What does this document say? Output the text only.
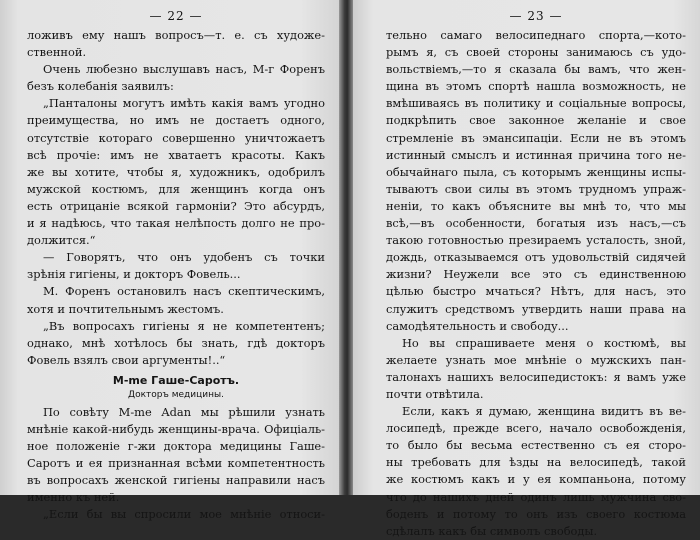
— 22 —
ложивъ ему нашъ вопросъ—т. е. съ художе-
ственной.
Очень любезно выслушавъ насъ, М-г Форенъ
безъ колебанія заявилъ:
„Панталоны могутъ имѣть какія вамъ угодно
преимущества, но имъ не достаетъ одного,
отсутствіе котораго совершенно уничтожаетъ
всѣ прочіе: имъ не хватаетъ красоты. Какъ
же вы хотите, чтобы я, художникъ, одобрилъ
мужской костюмъ, для женщинъ когда онъ
есть отрицаніе всякой гармоніи? Это абсурдъ,
и я надѣюсь, что такая нелѣпость долго не про-
должится.“
— Говорятъ, что онъ удобенъ съ точки
зрѣнія гигіены, и докторъ Фовель...
М. Форенъ остановилъ насъ скептическимъ,
хотя и почтительнымъ жестомъ.
„Въ вопросахъ гигіены я не компетентенъ;
однако, мнѣ хотѣлось бы знать, гдѣ докторъ
Фовель взялъ свои аргументы!..“
М-me Гаше-Саротъ.
Докторъ медицины.
По совѣту М-me Adan мы рѣшили узнать
мнѣніе какой-нибудь женщины-врача. Офиціаль-
ное положеніе г-жи доктора медицины Гаше-
Саротъ и ея признанная всѣми компетентность
въ вопросахъ женской гигіены направили насъ
именно къ ней.
„Если бы вы спросили мое мнѣніе относи-
— 23 —
тельно самаго велосипеднаго спорта,—кото-
рымъ я, съ своей стороны занимаюсь съ удо-
вольствіемъ,—то я сказала бы вамъ, что жен-
щина въ этомъ спортѣ нашла возможность, не
вмѣшиваясь въ политику и соціальные вопросы,
подкрѣпить свое законное желаніе и свое
стремленіе въ эмансипаціи. Если не въ этомъ
истинный смыслъ и истинная причина того не-
обычайнаго пыла, съ которымъ женщины испы-
тываютъ свои силы въ этомъ трудномъ упраж-
неніи, то какъ объясните вы мнѣ то, что мы
всѣ,—въ особенности, богатыя изъ насъ,—съ
такою готовностью презираемъ усталость, зной,
дождь, отказываемся отъ удовольствій сидячей
жизни? Неужели все это съ единственною
цѣлью быстро мчаться? Нѣтъ, для насъ, это
служитъ средствомъ утвердить наши права на
самодѣятельность и свободу...
Но вы спрашиваете меня о костюмѣ, вы
желаете узнать мое мнѣніе о мужскихъ пан-
талонахъ нашихъ велосипедистокъ: я вамъ уже
почти отвѣтила.
Если, какъ я думаю, женщина видитъ въ ве-
лосипедѣ, прежде всего, начало освобожденія,
то было бы весьма естественно съ ея сторо-
ны требовать для ѣзды на велосипедѣ, такой
же костюмъ какъ и у ея компаньона, потому
что до нашихъ дней одинъ лишь мужчина сво-
боденъ и потому то онъ изъ своего костюма
сдѣлалъ какъ бы символъ свободы.
